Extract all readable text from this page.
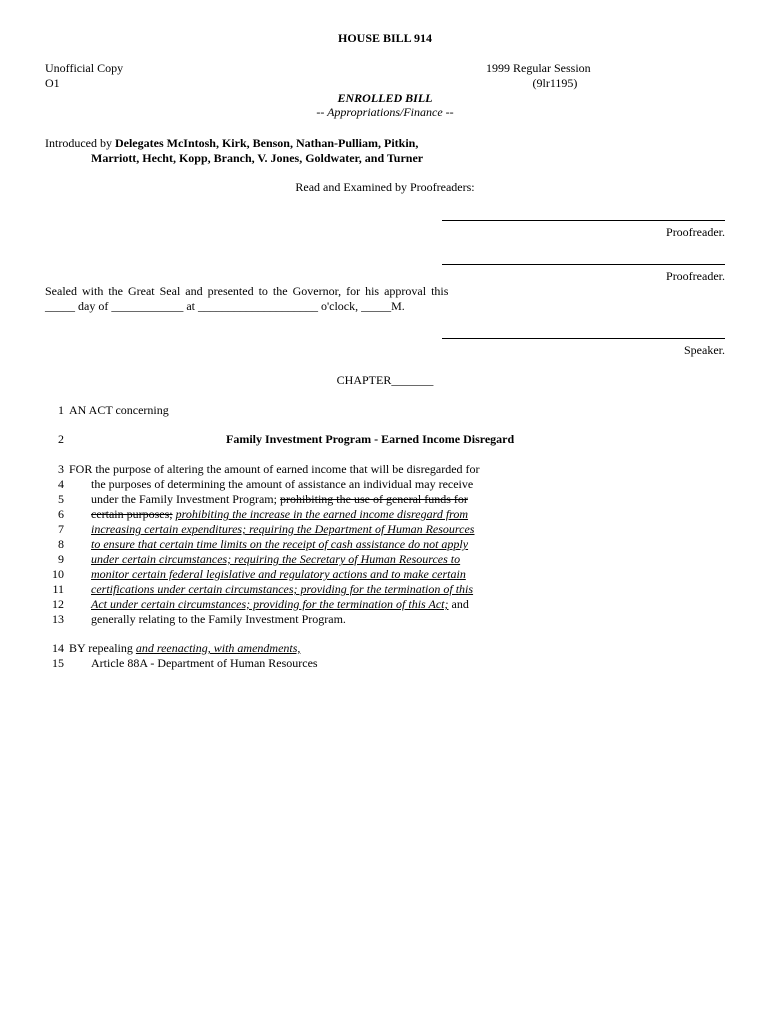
HOUSE BILL 914
Unofficial Copy
O1
1999 Regular Session
(9lr1195)
ENROLLED BILL
-- Appropriations/Finance --
Introduced by Delegates McIntosh, Kirk, Benson, Nathan-Pulliam, Pitkin,
Marriott, Hecht, Kopp, Branch, V. Jones, Goldwater, and Turner
Read and Examined by Proofreaders:
Proofreader.
Proofreader.
Sealed with the Great Seal and presented to the Governor, for his approval this
_____ day of ____________ at ____________________ o'clock, _____M.
Speaker.
CHAPTER_______
1 AN ACT concerning
2	Family Investment Program - Earned Income Disregard
3 FOR the purpose of altering the amount of earned income that will be disregarded for
4 the purposes of determining the amount of assistance an individual may receive
5 under the Family Investment Program; prohibiting the use of general funds for
6 certain purposes; prohibiting the increase in the earned income disregard from
7 increasing certain expenditures; requiring the Department of Human Resources
8 to ensure that certain time limits on the receipt of cash assistance do not apply
9 under certain circumstances; requiring the Secretary of Human Resources to
10 monitor certain federal legislative and regulatory actions and to make certain
11 certifications under certain circumstances; providing for the termination of this
12 Act under certain circumstances; providing for the termination of this Act; and
13 generally relating to the Family Investment Program.
14 BY repealing and reenacting, with amendments,
15 Article 88A - Department of Human Resources
